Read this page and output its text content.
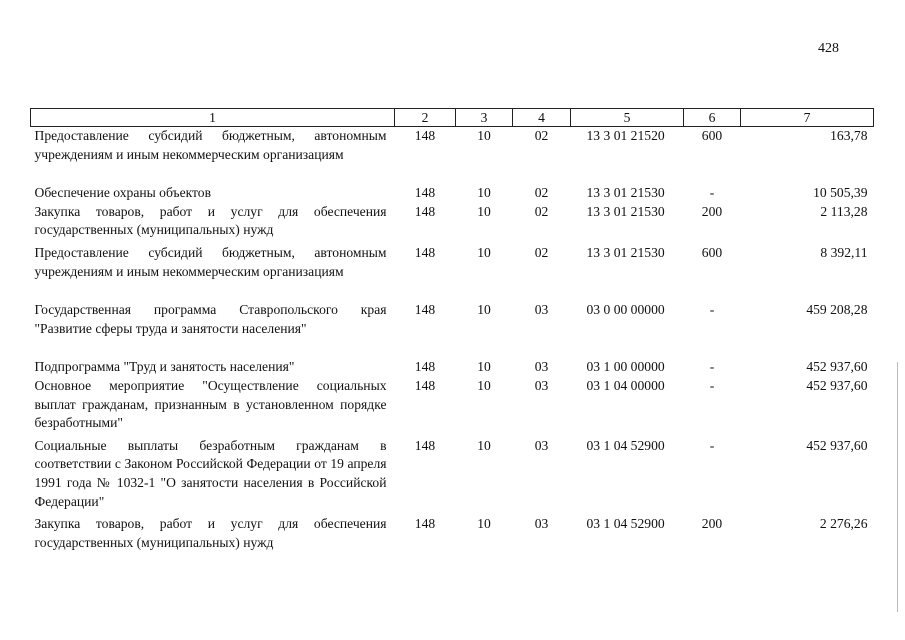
428
1	2	3	4	5	6	7
Предоставление субсидий бюджетным, автономным учреждениям и иным некоммерческим организациям	148	10	02	13 3 01 21520	600	163,78
Обеспечение охраны объектов	148	10	02	13 3 01 21530	-	10 505,39
Закупка товаров, работ и услуг для обеспечения государственных (муниципальных) нужд	148	10	02	13 3 01 21530	200	2 113,28
Предоставление субсидий бюджетным, автономным учреждениям и иным некоммерческим организациям	148	10	02	13 3 01 21530	600	8 392,11
Государственная программа Ставропольского края "Развитие сферы труда и занятости населения"	148	10	03	03 0 00 00000	-	459 208,28
Подпрограмма "Труд и занятость населения"	148	10	03	03 1 00 00000	-	452 937,60
Основное мероприятие "Осуществление социальных выплат гражданам, признанным в установленном порядке безработными"	148	10	03	03 1 04 00000	-	452 937,60
Социальные выплаты безработным гражданам в соответствии с Законом Российской Федерации от 19 апреля 1991 года № 1032-1 "О занятости населения в Российской Федерации"	148	10	03	03 1 04 52900	-	452 937,60
Закупка товаров, работ и услуг для обеспечения государственных (муниципальных) нужд	148	10	03	03 1 04 52900	200	2 276,26
